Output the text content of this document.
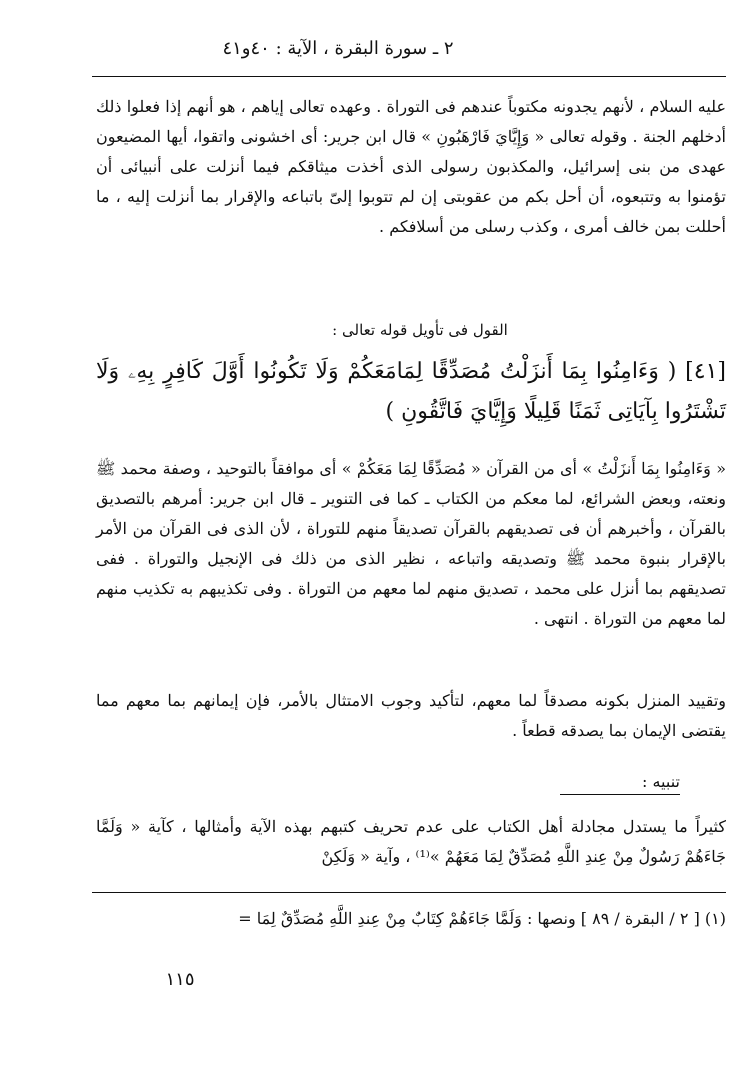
٢ ـ سورة البقرة ، الآية : ٤٠و٤١

عليه السلام ، لأنهم يجدونه مكتوباً عندهم فى التوراة . وعهده تعالى إياهم ، هو أنهم إذا فعلوا ذلك أدخلهم الجنة . وقوله تعالى « وَإِيَّايَ فَارْهَبُونِ » قال ابن جرير: أى اخشونى واتقوا، أيها المضيعون عهدى من بنى إسرائيل، والمكذبون رسولى الذى أخذت ميثاقكم فيما أنزلت على أنبيائى أن تؤمنوا به وتتبعوه، أن أحل بكم من عقوبتى إن لم تتوبوا إلىّ باتباعه والإقرار بما أنزلت إليه ، ما أحللت بمن خالف أمرى ، وكذب رسلى من أسلافكم .

القول فى تأويل قوله تعالى :

[٤١] ( وَءَامِنُوا بِمَا أَنزَلْتُ مُصَدِّقًا لِمَامَعَكُمْ وَلَا تَكُونُوا أَوَّلَ كَافِرٍ بِهِۦ وَلَا تَشْتَرُوا بِآيَاتِى ثَمَنًا قَلِيلًا وَإِيَّايَ فَاتَّقُونِ )

« وَءَامِنُوا بِمَا أَنزَلْتُ » أى من القرآن « مُصَدِّقًا لِمَا مَعَكُمْ » أى موافقاً بالتوحيد ، وصفة محمد ﷺ ونعته، وبعض الشرائع، لما معكم من الكتاب ـ كما فى التنوير ـ قال ابن جرير: أمرهم بالتصديق بالقرآن ، وأخبرهم أن فى تصديقهم بالقرآن تصديقاً منهم للتوراة ، لأن الذى فى القرآن من الأمر بالإقرار بنبوة محمد ﷺ وتصديقه واتباعه ، نظير الذى من ذلك فى الإنجيل والتوراة . ففى تصديقهم بما أنزل على محمد ، تصديق منهم لما معهم من التوراة . وفى تكذيبهم به تكذيب منهم لما معهم من التوراة . انتهى .

وتقييد المنزل بكونه مصدقاً لما معهم، لتأكيد وجوب الامتثال بالأمر، فإن إيمانهم بما معهم مما يقتضى الإيمان بما يصدقه قطعاً .

تنبيه :

كثيراً ما يستدل مجادلة أهل الكتاب على عدم تحريف كتبهم بهذه الآية وأمثالها ، كآية « وَلَمَّا جَاءَهُمْ رَسُولٌ مِنْ عِندِ اللَّهِ مُصَدِّقٌ لِمَا مَعَهُمْ »⁽¹⁾ ، وآية « وَلَكِنْ

(١) [ ٢ / البقرة / ٨٩ ] ونصها : وَلَمَّا جَاءَهُمْ كِتَابٌ مِنْ عِندِ اللَّهِ مُصَدِّقٌ لِمَا =

١١٥
